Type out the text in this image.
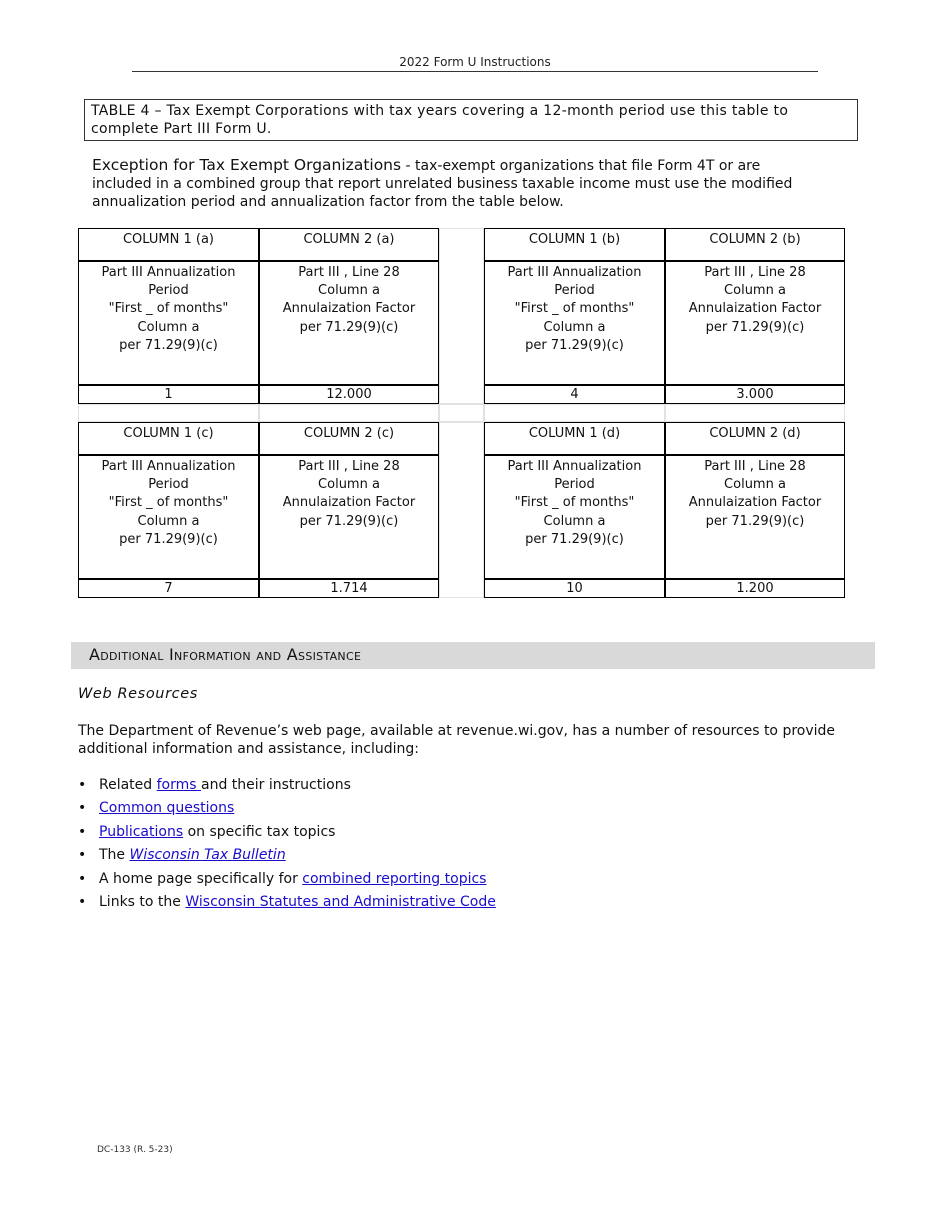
2022 Form U Instructions
TABLE 4 – Tax Exempt Corporations with tax years covering a 12-month period use this table to complete Part III Form U.
Exception for Tax Exempt Organizations - tax-exempt organizations that file Form 4T or are included in a combined group that report unrelated business taxable income must use the modified annualization period and annualization factor from the table below.
COLUMN 1 (a)
Part III Annualization
Period
"First _ of months"
Column a
per 71.29(9)(c)
1
COLUMN 2 (a)
Part III , Line 28
Column a
Annulaization Factor
per 71.29(9)(c)
12.000
COLUMN 1 (b)
Part III Annualization
Period
"First _ of months"
Column a
per 71.29(9)(c)
4
COLUMN 2 (b)
Part III , Line 28
Column a
Annulaization Factor
per 71.29(9)(c)
3.000
COLUMN 1 (c)
Part III Annualization
Period
"First _ of months"
Column a
per 71.29(9)(c)
7
COLUMN 2 (c)
Part III , Line 28
Column a
Annulaization Factor
per 71.29(9)(c)
1.714
COLUMN 1 (d)
Part III Annualization
Period
"First _ of months"
Column a
per 71.29(9)(c)
10
COLUMN 2 (d)
Part III , Line 28
Column a
Annulaization Factor
per 71.29(9)(c)
1.200
Additional Information and Assistance
Web Resources
The Department of Revenue’s web page, available at revenue.wi.gov, has a number of resources to provide additional information and assistance, including:
• Related forms and their instructions
• Common questions
• Publications on specific tax topics
• The Wisconsin Tax Bulletin
• A home page specifically for combined reporting topics
• Links to the Wisconsin Statutes and Administrative Code
DC-133 (R. 5-23)
